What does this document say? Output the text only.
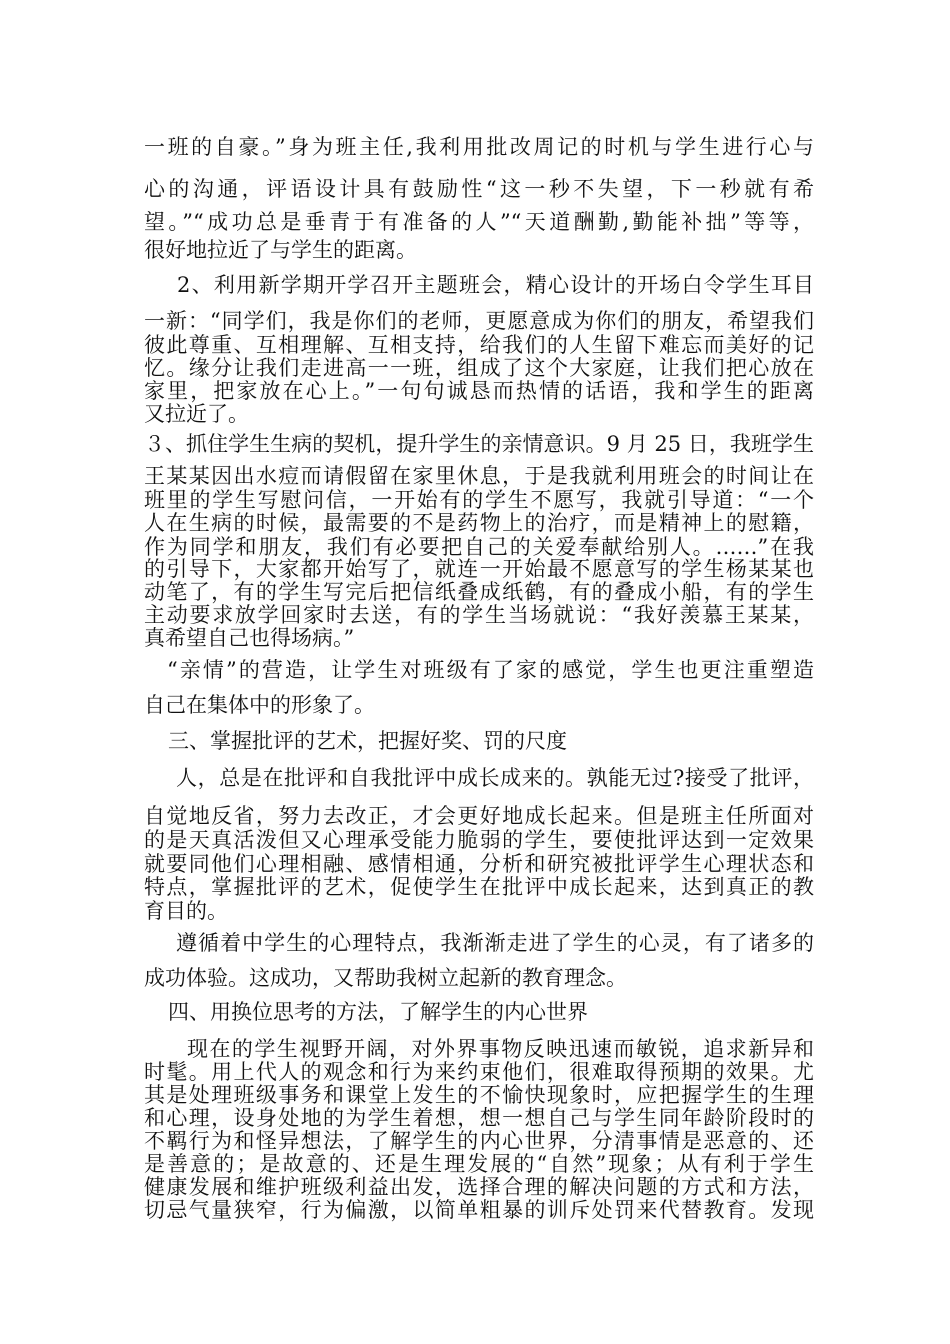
一班的自豪。”身为班主任,我利用批改周记的时机与学生进行心与
心的沟通，评语设计具有鼓励性“这一秒不失望，下一秒就有希
望。”“成功总是垂青于有准备的人”“天道酬勤,勤能补拙”等等，
很好地拉近了与学生的距离。
2、利用新学期开学召开主题班会，精心设计的开场白令学生耳目
一新：“同学们，我是你们的老师，更愿意成为你们的朋友，希望我们
彼此尊重、互相理解、互相支持，给我们的人生留下难忘而美好的记
忆。缘分让我们走进高一一班，组成了这个大家庭，让我们把心放在
家里，把家放在心上。”一句句诚恳而热情的话语，我和学生的距离
又拉近了。
３、抓住学生生病的契机，提升学生的亲情意识。9 月 25 日，我班学生
王某某因出水痘而请假留在家里休息，于是我就利用班会的时间让在
班里的学生写慰问信，一开始有的学生不愿写，我就引导道：“一个
人在生病的时候，最需要的不是药物上的治疗，而是精神上的慰籍，
作为同学和朋友，我们有必要把自己的关爱奉献给别人。……”在我
的引导下，大家都开始写了，就连一开始最不愿意写的学生杨某某也
动笔了，有的学生写完后把信纸叠成纸鹤，有的叠成小船，有的学生
主动要求放学回家时去送，有的学生当场就说：“我好羡慕王某某，
真希望自己也得场病。”
“亲情”的营造，让学生对班级有了家的感觉，学生也更注重塑造
自己在集体中的形象了。
三、掌握批评的艺术，把握好奖、罚的尺度
人，总是在批评和自我批评中成长成来的。孰能无过?接受了批评，
自觉地反省，努力去改正，才会更好地成长起来。但是班主任所面对
的是天真活泼但又心理承受能力脆弱的学生，要使批评达到一定效果
就要同他们心理相融、感情相通，分析和研究被批评学生心理状态和
特点，掌握批评的艺术，促使学生在批评中成长起来，达到真正的教
育目的。
遵循着中学生的心理特点，我渐渐走进了学生的心灵，有了诸多的
成功体验。这成功，又帮助我树立起新的教育理念。
四、用换位思考的方法，了解学生的内心世界
现在的学生视野开阔，对外界事物反映迅速而敏锐，追求新异和
时髦。用上代人的观念和行为来约束他们，很难取得预期的效果。尤
其是处理班级事务和课堂上发生的不愉快现象时，应把握学生的生理
和心理，设身处地的为学生着想，想一想自己与学生同年龄阶段时的
不羁行为和怪异想法，了解学生的内心世界，分清事情是恶意的、还
是善意的；是故意的、还是生理发展的“自然”现象；从有利于学生
健康发展和维护班级利益出发，选择合理的解决问题的方式和方法，
切忌气量狭窄，行为偏激，以简单粗暴的训斥处罚来代替教育。发现
